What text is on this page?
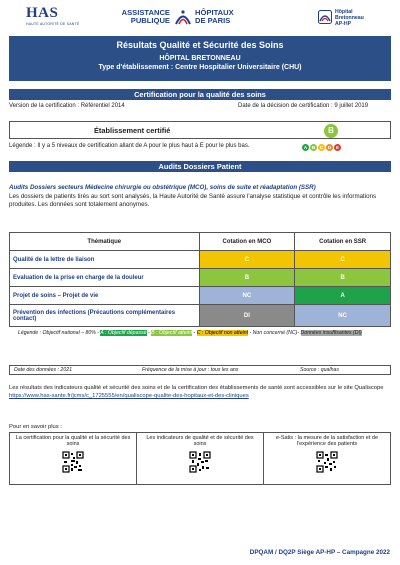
HAS
HAUTE AUTORITÉ DE SANTÉ
ASSISTANCE
PUBLIQUE
HÔPITAUX
DE PARIS
Hôpital
Bretonneau
AP-HP
Résultats Qualité et Sécurité des Soins
HÔPITAL BRETONNEAU
Type d'établissement : Centre Hospitalier Universitaire (CHU)
Certification pour la qualité des soins
Version de la certification : Référentiel 2014	Date de la décision de certification : 9 juillet 2019
Établissement certifié	B
Légende : Il y a 5 niveaux de certification allant de A pour le plus haut à E pour le plus bas.	A B C D E
Audits Dossiers Patient
Audits Dossiers secteurs Médecine chirurgie ou obstétrique (MCO), soins de suite et réadaptation (SSR)
Les dossiers de patients tirés au sort sont analysés, la Haute Autorité de Santé assure l'analyse statistique et contrôle les informations produites. Les données sont totalement anonymes.
Thématique	Cotation en MCO	Cotation en SSR
Qualité de la lettre de liaison	C	C
Evaluation de la prise en charge de la douleur	B	B
Projet de soins – Projet de vie	NC	A
Prévention des infections (Précautions complémentaires contact)	DI	NC
Légende : Objectif national – 80% - A : Objectif dépassé - B : Objectif atteint - C : Objectif non atteint - Non concerné (NC)- Données insuffisantes (DI)
Date des données : 2021	Fréquence de la mise à jour : tous les ans	Source : qualhas
Les résultats des indicateurs qualité et sécurité des soins et de la certification des établissements de santé sont accessibles sur le site Qualiscope https://www.has-sante.fr/jcms/c_1725555/en/qualiscope-qualite-des-hopitaux-et-des-cliniques
Pour en savoir plus :
La certification pour la qualité et la sécurité des soins

Les indicateurs de qualité et de sécurité des soins

e-Satis : la mesure de la satisfaction et de l'expérience des patients
DPQAM / DQ2P Siège AP-HP – Campagne 2022
